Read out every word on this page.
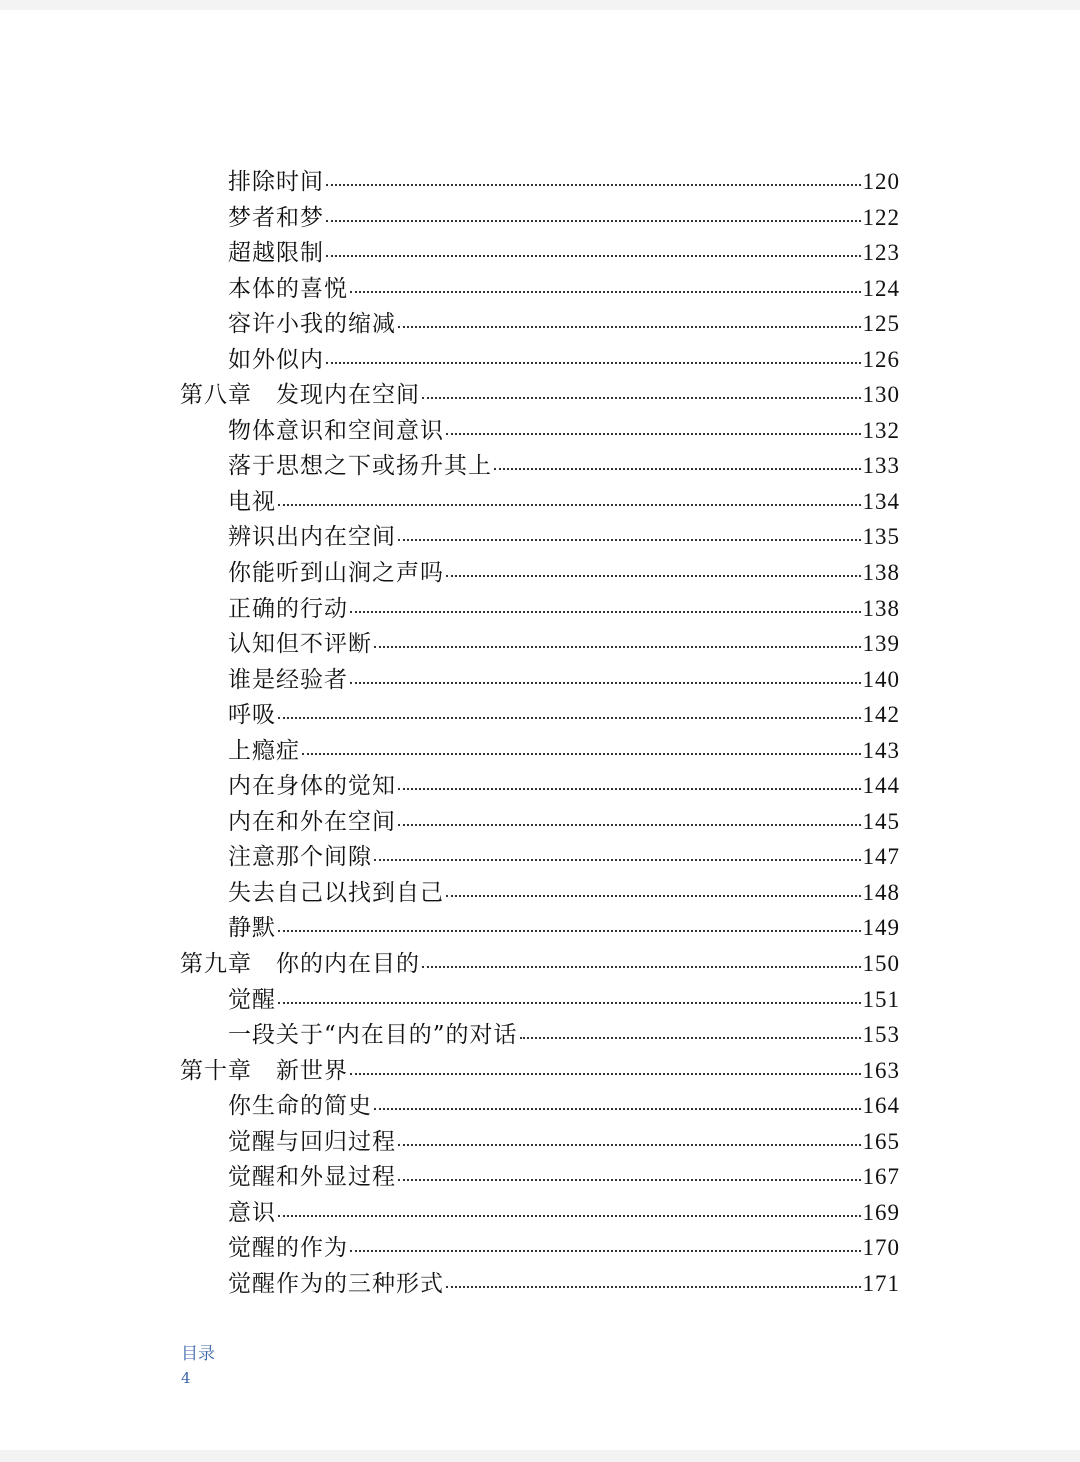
排除时间	120
梦者和梦	122
超越限制	123
本体的喜悦	124
容许小我的缩减	125
如外似内	126
第八章 发现内在空间	130
物体意识和空间意识	132
落于思想之下或扬升其上	133
电视	134
辨识出内在空间	135
你能听到山涧之声吗	138
正确的行动	138
认知但不评断	139
谁是经验者	140
呼吸	142
上瘾症	143
内在身体的觉知	144
内在和外在空间	145
注意那个间隙	147
失去自己以找到自己	148
静默	149
第九章 你的内在目的	150
觉醒	151
一段关于“内在目的”的对话	153
第十章 新世界	163
你生命的简史	164
觉醒与回归过程	165
觉醒和外显过程	167
意识	169
觉醒的作为	170
觉醒作为的三种形式	171
目录
4
